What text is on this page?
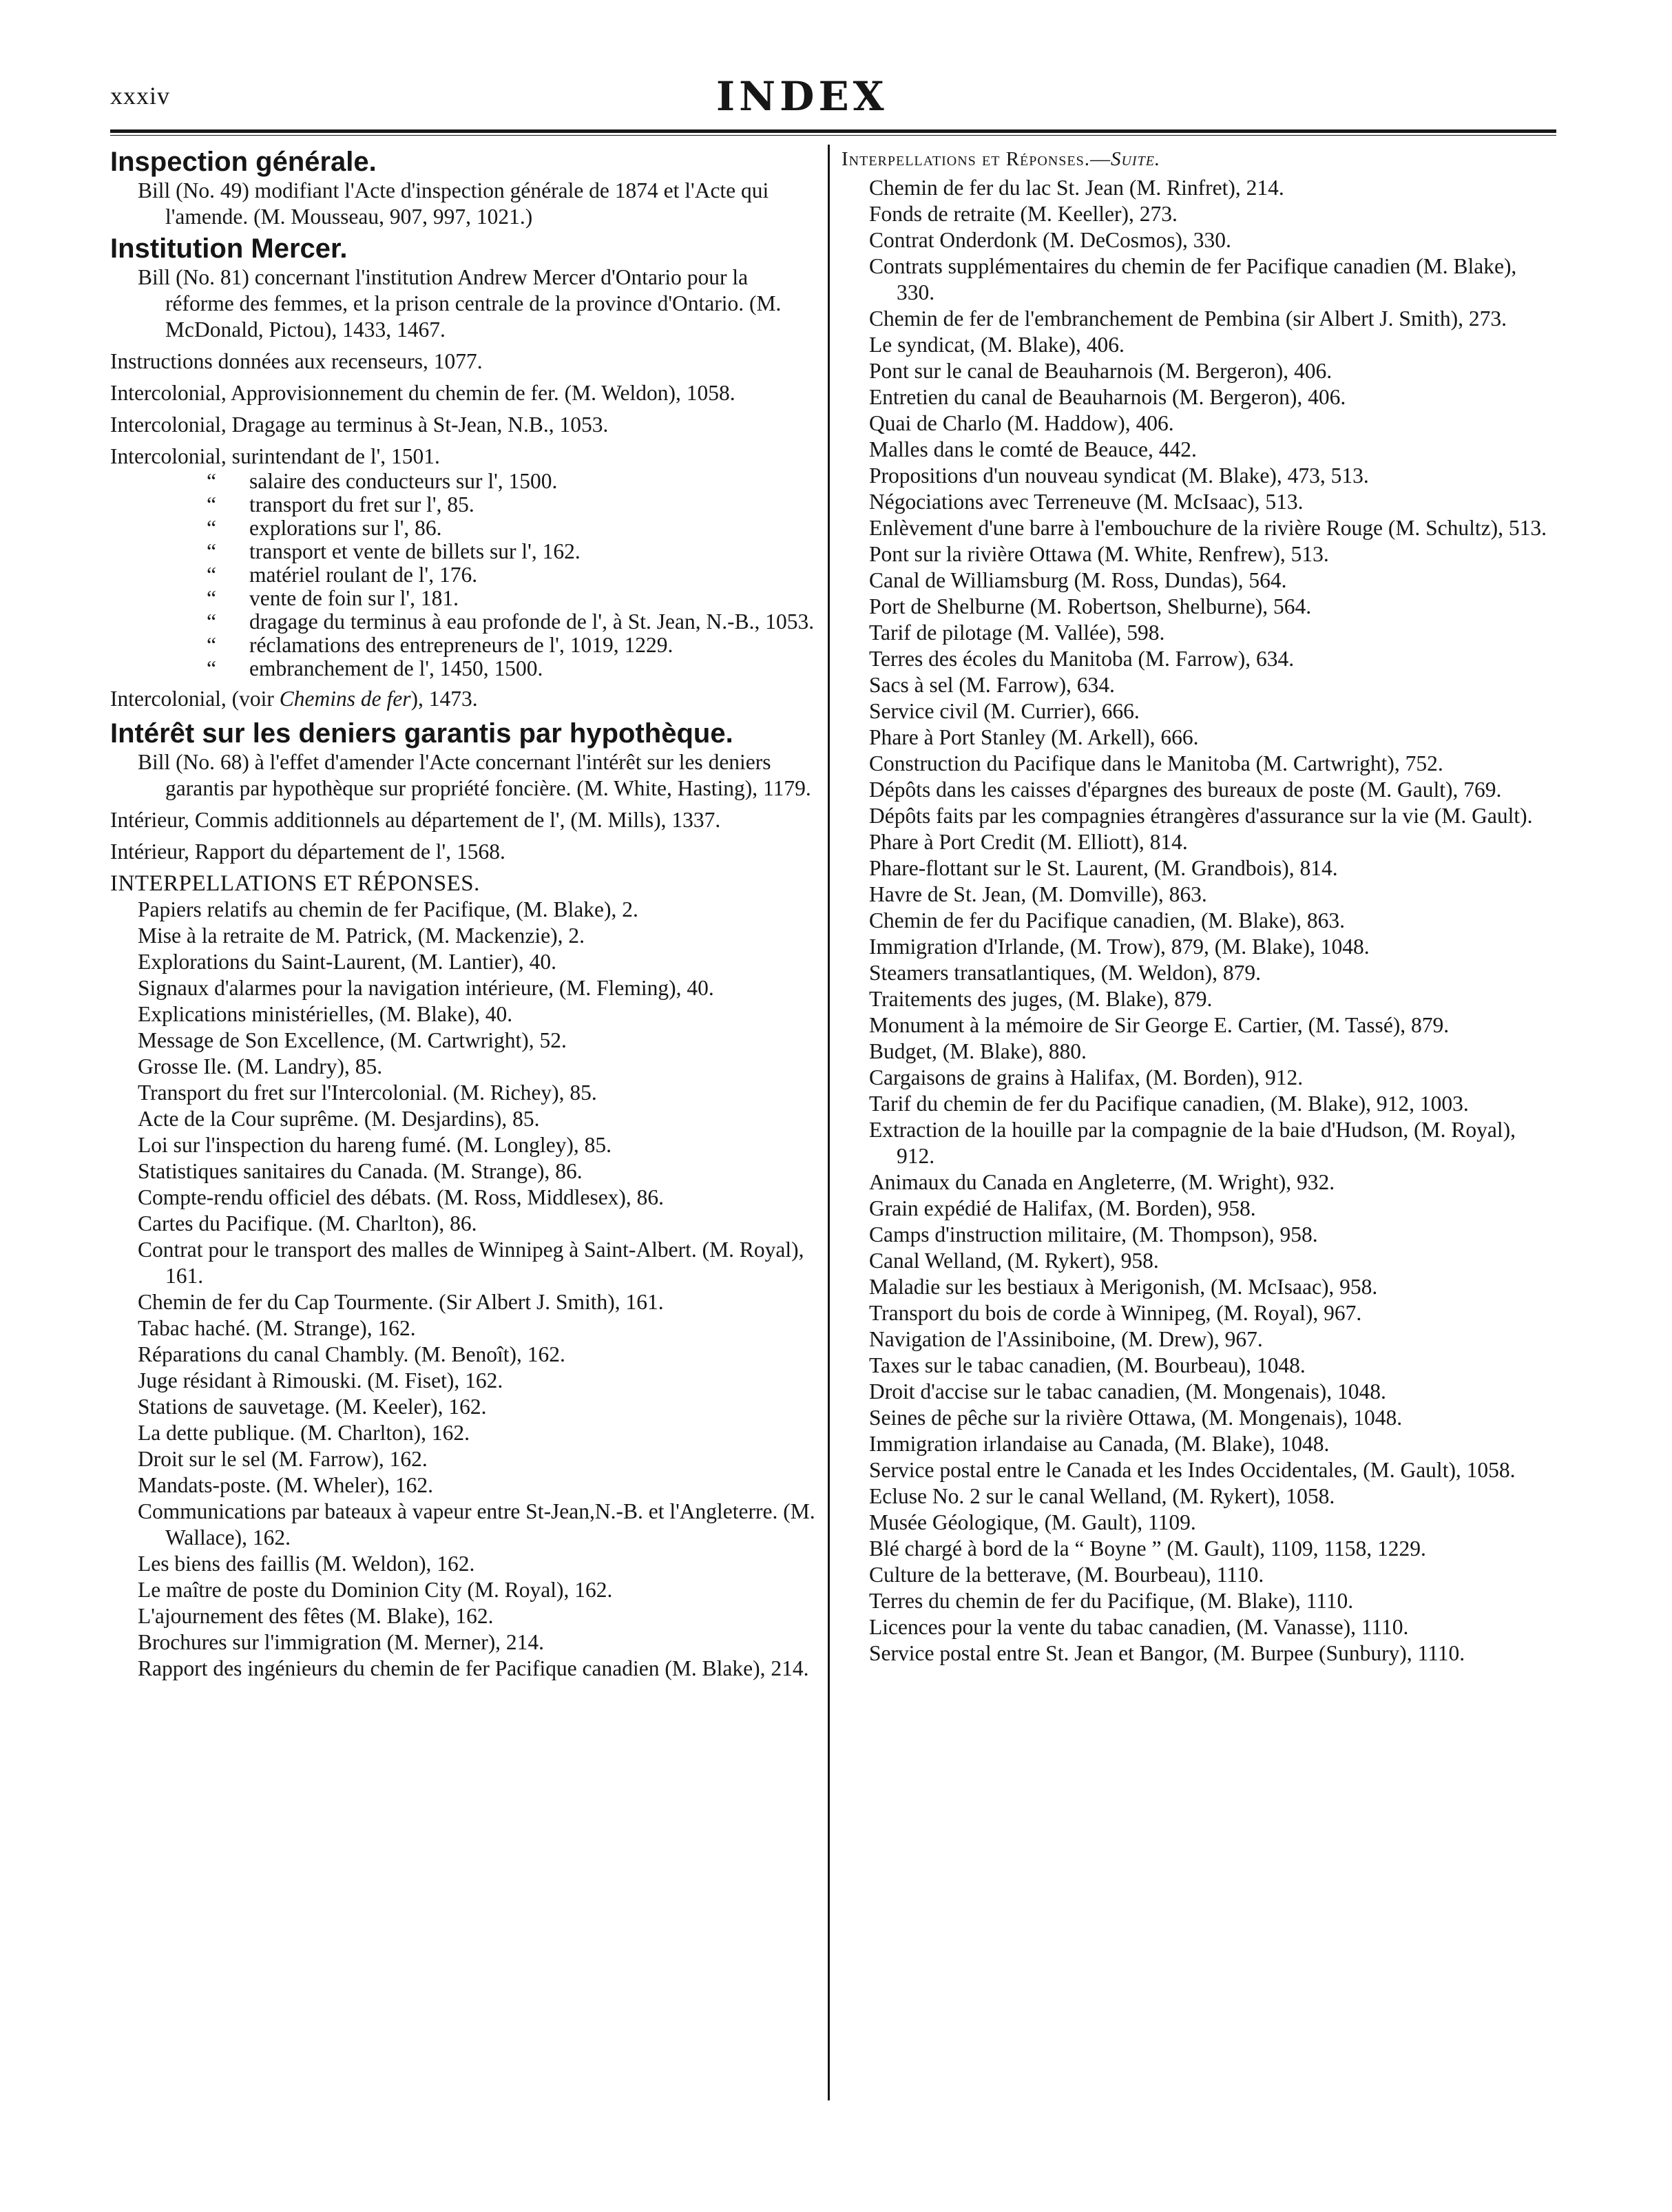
xxxiv	INDEX
Inspection générale.
Bill (No. 49) modifiant l'Acte d'inspection générale de 1874 et l'Acte qui l'amende. (M. Mousseau, 907, 997, 1021.)
Institution Mercer.
Bill (No. 81) concernant l'institution Andrew Mercer d'Ontario pour la réforme des femmes, et la prison centrale de la province d'Ontario. (M. McDonald, Pictou), 1433, 1467.
Instructions données aux recenseurs, 1077.
Intercolonial, Approvisionnement du chemin de fer. (M. Weldon), 1058.
Intercolonial, Dragage au terminus à St-Jean, N.B., 1053.
Intercolonial, surintendant de l', 1501.
“ salaire des conducteurs sur l', 1500.
“ transport du fret sur l', 85.
“ explorations sur l', 86.
“ transport et vente de billets sur l', 162.
“ matériel roulant de l', 176.
“ vente de foin sur l', 181.
“ dragage du terminus à eau profonde de l', à St. Jean, N.-B., 1053.
“ réclamations des entrepreneurs de l', 1019, 1229.
“ embranchement de l', 1450, 1500.
Intercolonial, (voir Chemins de fer), 1473.
Intérêt sur les deniers garantis par hypothèque.
Bill (No. 68) à l'effet d'amender l'Acte concernant l'intérêt sur les deniers garantis par hypothèque sur propriété foncière. (M. White, Hasting), 1179.
Intérieur, Commis additionnels au département de l', (M. Mills), 1337.
Intérieur, Rapport du département de l', 1568.
INTERPELLATIONS ET RÉPONSES.
Papiers relatifs au chemin de fer Pacifique, (M. Blake), 2.
Mise à la retraite de M. Patrick, (M. Mackenzie), 2.
Explorations du Saint-Laurent, (M. Lantier), 40.
Signaux d'alarmes pour la navigation intérieure, (M. Fleming), 40.
Explications ministérielles, (M. Blake), 40.
Message de Son Excellence, (M. Cartwright), 52.
Grosse Ile. (M. Landry), 85.
Transport du fret sur l'Intercolonial. (M. Richey), 85.
Acte de la Cour suprême. (M. Desjardins), 85.
Loi sur l'inspection du hareng fumé. (M. Longley), 85.
Statistiques sanitaires du Canada. (M. Strange), 86.
Compte-rendu officiel des débats. (M. Ross, Middlesex), 86.
Cartes du Pacifique. (M. Charlton), 86.
Contrat pour le transport des malles de Winnipeg à Saint-Albert. (M. Royal), 161.
Chemin de fer du Cap Tourmente. (Sir Albert J. Smith), 161.
Tabac haché. (M. Strange), 162.
Réparations du canal Chambly. (M. Benoît), 162.
Juge résidant à Rimouski. (M. Fiset), 162.
Stations de sauvetage. (M. Keeler), 162.
La dette publique. (M. Charlton), 162.
Droit sur le sel (M. Farrow), 162.
Mandats-poste. (M. Wheler), 162.
Communications par bateaux à vapeur entre St-Jean,N.-B. et l'Angleterre. (M. Wallace), 162.
Les biens des faillis (M. Weldon), 162.
Le maître de poste du Dominion City (M. Royal), 162.
L'ajournement des fêtes (M. Blake), 162.
Brochures sur l'immigration (M. Merner), 214.
Rapport des ingénieurs du chemin de fer Pacifique canadien (M. Blake), 214.
Interpellations et Réponses.—Suite.
Chemin de fer du lac St. Jean (M. Rinfret), 214.
Fonds de retraite (M. Keeller), 273.
Contrat Onderdonk (M. DeCosmos), 330.
Contrats supplémentaires du chemin de fer Pacifique canadien (M. Blake), 330.
Chemin de fer de l'embranchement de Pembina (sir Albert J. Smith), 273.
Le syndicat, (M. Blake), 406.
Pont sur le canal de Beauharnois (M. Bergeron), 406.
Entretien du canal de Beauharnois (M. Bergeron), 406.
Quai de Charlo (M. Haddow), 406.
Malles dans le comté de Beauce, 442.
Propositions d'un nouveau syndicat (M. Blake), 473, 513.
Négociations avec Terreneuve (M. McIsaac), 513.
Enlèvement d'une barre à l'embouchure de la rivière Rouge (M. Schultz), 513.
Pont sur la rivière Ottawa (M. White, Renfrew), 513.
Canal de Williamsburg (M. Ross, Dundas), 564.
Port de Shelburne (M. Robertson, Shelburne), 564.
Tarif de pilotage (M. Vallée), 598.
Terres des écoles du Manitoba (M. Farrow), 634.
Sacs à sel (M. Farrow), 634.
Service civil (M. Currier), 666.
Phare à Port Stanley (M. Arkell), 666.
Construction du Pacifique dans le Manitoba (M. Cartwright), 752.
Dépôts dans les caisses d'épargnes des bureaux de poste (M. Gault), 769.
Dépôts faits par les compagnies étrangères d'assurance sur la vie (M. Gault).
Phare à Port Credit (M. Elliott), 814.
Phare-flottant sur le St. Laurent, (M. Grandbois), 814.
Havre de St. Jean, (M. Domville), 863.
Chemin de fer du Pacifique canadien, (M. Blake), 863.
Immigration d'Irlande, (M. Trow), 879, (M. Blake), 1048.
Steamers transatlantiques, (M. Weldon), 879.
Traitements des juges, (M. Blake), 879.
Monument à la mémoire de Sir George E. Cartier, (M. Tassé), 879.
Budget, (M. Blake), 880.
Cargaisons de grains à Halifax, (M. Borden), 912.
Tarif du chemin de fer du Pacifique canadien, (M. Blake), 912, 1003.
Extraction de la houille par la compagnie de la baie d'Hudson, (M. Royal), 912.
Animaux du Canada en Angleterre, (M. Wright), 932.
Grain expédié de Halifax, (M. Borden), 958.
Camps d'instruction militaire, (M. Thompson), 958.
Canal Welland, (M. Rykert), 958.
Maladie sur les bestiaux à Merigonish, (M. McIsaac), 958.
Transport du bois de corde à Winnipeg, (M. Royal), 967.
Navigation de l'Assiniboine, (M. Drew), 967.
Taxes sur le tabac canadien, (M. Bourbeau), 1048.
Droit d'accise sur le tabac canadien, (M. Mongenais), 1048.
Seines de pêche sur la rivière Ottawa, (M. Mongenais), 1048.
Immigration irlandaise au Canada, (M. Blake), 1048.
Service postal entre le Canada et les Indes Occidentales, (M. Gault), 1058.
Ecluse No. 2 sur le canal Welland, (M. Rykert), 1058.
Musée Géologique, (M. Gault), 1109.
Blé chargé à bord de la “ Boyne ” (M. Gault), 1109, 1158, 1229.
Culture de la betterave, (M. Bourbeau), 1110.
Terres du chemin de fer du Pacifique, (M. Blake), 1110.
Licences pour la vente du tabac canadien, (M. Vanasse), 1110.
Service postal entre St. Jean et Bangor, (M. Burpee (Sunbury), 1110.
